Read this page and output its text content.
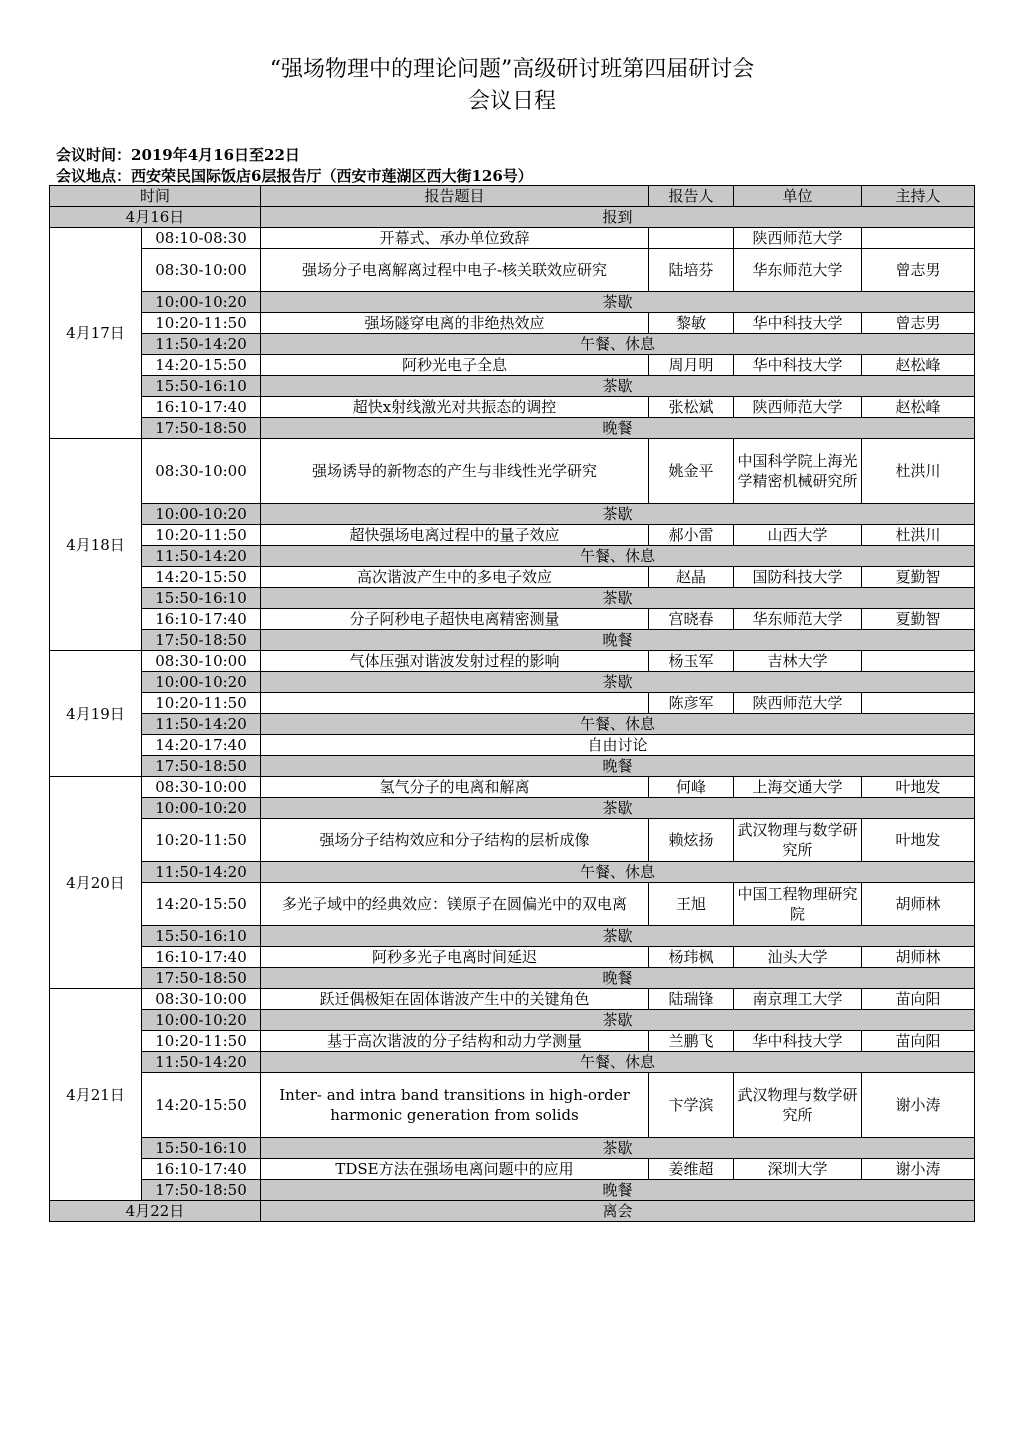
“强场物理中的理论问题”高级研讨班第四届研讨会
会议日程
会议时间：2019年4月16日至22日
会议地点：西安荣民国际饭店6层报告厅（西安市莲湖区西大街126号）
时间		报告题目	报告人	单位	主持人
4月16日		报到			
4月17日	08:10-08:30	开幕式、承办单位致辞		陕西师范大学	

	08:30-10:00	强场分子电离解离过程中电子-核关联效应研究	陆培芬	华东师范大学	曾志男
	10:00-10:20	茶歇			
	10:20-11:50	强场隧穿电离的非绝热效应	黎敏	华中科技大学	曾志男
	11:50-14:20	午餐、休息			
	14:20-15:50	阿秒光电子全息	周月明	华中科技大学	赵松峰
	15:50-16:10	茶歇			
	16:10-17:40	超快x射线激光对共振态的调控	张松斌	陕西师范大学	赵松峰
	17:50-18:50	晚餐			
4月18日	08:30-10:00	强场诱导的新物态的产生与非线性光学研究	姚金平	中国科学院上海光学精密机械研究所	杜洪川
	10:00-10:20	茶歇			
	10:20-11:50	超快强场电离过程中的量子效应	郝小雷	山西大学	杜洪川
	11:50-14:20	午餐、休息			
	14:20-15:50	高次谐波产生中的多电子效应	赵晶	国防科技大学	夏勤智
	15:50-16:10	茶歇			
	16:10-17:40	分子阿秒电子超快电离精密测量	宫晓春	华东师范大学	夏勤智
	17:50-18:50	晚餐			
4月19日	08:30-10:00	气体压强对谐波发射过程的影响	杨玉军	吉林大学	

	10:00-10:20	茶歇			
	10:20-11:50		陈彦军	陕西师范大学	

	11:50-14:20	午餐、休息			
	14:20-17:40	自由讨论			
	17:50-18:50	晚餐			
4月20日	08:30-10:00	氢气分子的电离和解离	何峰	上海交通大学	叶地发
	10:00-10:20	茶歇			
	10:20-11:50	强场分子结构效应和分子结构的层析成像	赖炫扬	武汉物理与数学研究所	叶地发
	11:50-14:20	午餐、休息			
	14:20-15:50	多光子域中的经典效应：镁原子在圆偏光中的双电离	王旭	中国工程物理研究院	胡师林
	15:50-16:10	茶歇			
	16:10-17:40	阿秒多光子电离时间延迟	杨玮枫	汕头大学	胡师林
	17:50-18:50	晚餐			
4月21日	08:30-10:00	跃迁偶极矩在固体谐波产生中的关键角色	陆瑞锋	南京理工大学	苗向阳
	10:00-10:20	茶歇			
	10:20-11:50	基于高次谐波的分子结构和动力学测量	兰鹏飞	华中科技大学	苗向阳
	11:50-14:20	午餐、休息			
	14:20-15:50	Inter- and intra band transitions in high-order harmonic generation from solids	卞学滨	武汉物理与数学研究所	谢小涛
	15:50-16:10	茶歇			
	16:10-17:40	TDSE方法在强场电离问题中的应用	姜维超	深圳大学	谢小涛
	17:50-18:50	晚餐			
4月22日		离会			
